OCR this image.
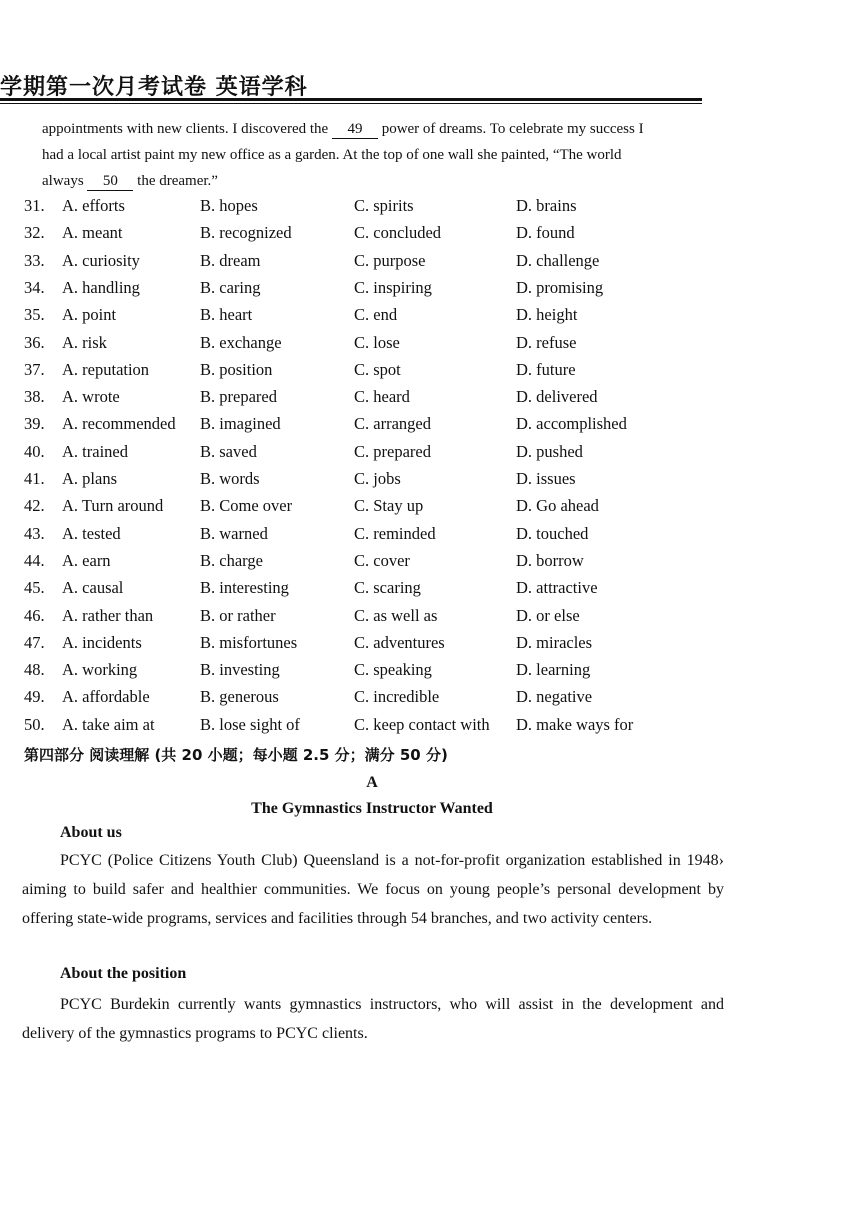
学期第一次月考试卷 英语学科
appointments with new clients. I discovered the 49 power of dreams. To celebrate my success I
had a local artist paint my new office as a garden. At the top of one wall she painted, “The world
always 50 the dreamer.”
31. A. efforts	B. hopes	C. spirits	D. brains
32. A. meant	B. recognized	C. concluded	D. found
33. A. curiosity	B. dream	C. purpose	D. challenge
34. A. handling	B. caring	C. inspiring	D. promising
35. A. point	B. heart	C. end	D. height
36. A. risk	B. exchange	C. lose	D. refuse
37. A. reputation	B. position	C. spot	D. future
38. A. wrote	B. prepared	C. heard	D. delivered
39. A. recommended B. imagined	C. arranged	D. accomplished
40. A. trained	B. saved	C. prepared	D. pushed
41. A. plans	B. words	C. jobs	D. issues
42. A. Turn around B. Come over	C. Stay up	D. Go ahead
43. A. tested	B. warned	C. reminded	D. touched
44. A. earn	B. charge	C. cover	D. borrow
45. A. causal	B. interesting	C. scaring	D. attractive
46. A. rather than	B. or rather	C. as well as	D. or else
47. A. incidents	B. misfortunes	C. adventures	D. miracles
48. A. working	B. investing	C. speaking	D. learning
49. A. affordable	B. generous	C. incredible	D. negative
50. A. take aim at	B. lose sight of	C. keep contact with D. make ways for
第四部分 阅读理解 (共 20 小题；每小题 2.5 分；满分 50 分)
A
The Gymnastics Instructor Wanted
About us
PCYC (Police Citizens Youth Club) Queensland is a not-for-profit organization established in 1948› aiming to build safer and healthier communities. We focus on young people’s personal development by offering state-wide programs, services and facilities through 54 branches, and two activity centers.
About the position
PCYC Burdekin currently wants gymnastics instructors, who will assist in the development and delivery of the gymnastics programs to PCYC clients.
